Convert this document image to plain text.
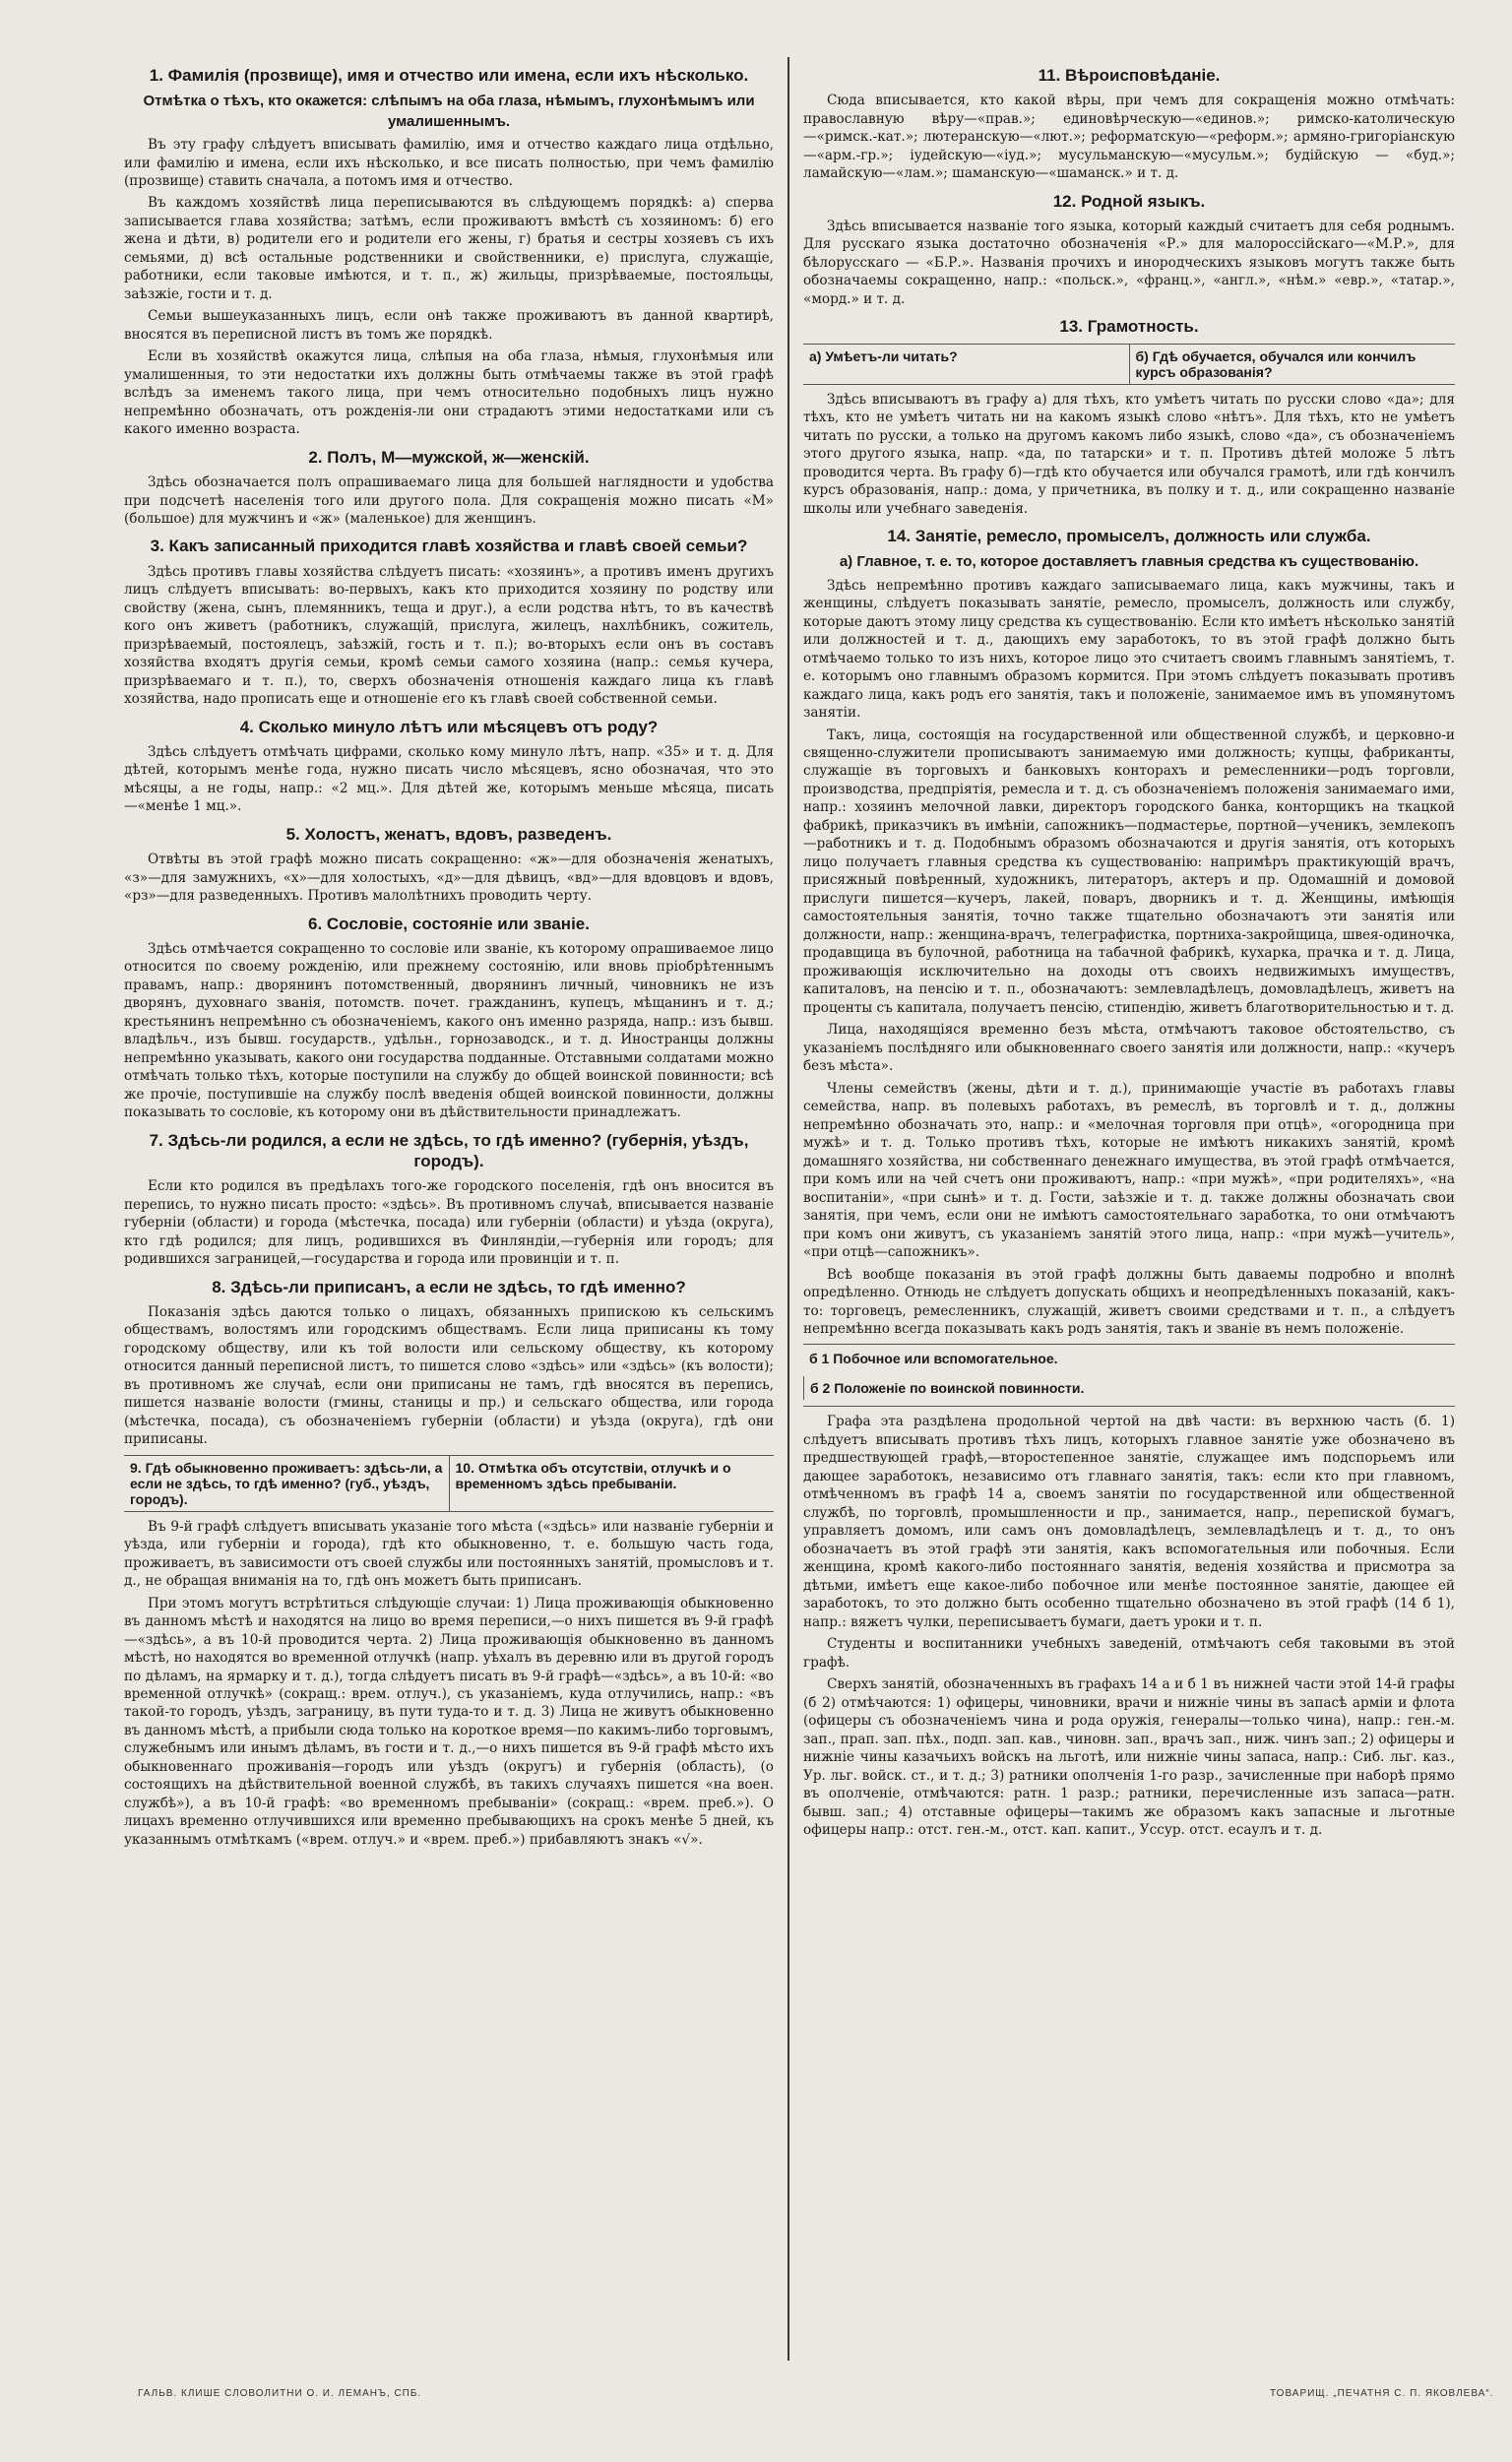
1. Фамилія (прозвище), имя и отчество или имена, если ихъ нѣсколько.

Отмѣтка о тѣхъ, кто окажется: слѣпымъ на оба глаза, нѣмымъ, глухонѣмымъ или умалишеннымъ.

Въ эту графу слѣдуетъ вписывать фамилію, имя и отчество каждаго лица отдѣльно, или фамилію и имена, если ихъ нѣсколько, и все писать полностью, при чемъ фамилію (прозвище) ставить сначала, а потомъ имя и отчество.

Въ каждомъ хозяйствѣ лица переписываются въ слѣдующемъ порядкѣ: а) сперва записывается глава хозяйства; затѣмъ, если проживаютъ вмѣстѣ съ хозяиномъ: б) его жена и дѣти, в) родители его и родители его жены, г) братья и сестры хозяевъ съ ихъ семьями, д) всѣ остальные родственники и свойственники, е) прислуга, служащіе, работники, если таковые имѣются, и т. п., ж) жильцы, призрѣваемые, постояльцы, заѣзжіе, гости и т. д.

Семьи вышеуказанныхъ лицъ, если онѣ также проживаютъ въ данной квартирѣ, вносятся въ переписной листъ въ томъ же порядкѣ.

Если въ хозяйствѣ окажутся лица, слѣпыя на оба глаза, нѣмыя, глухонѣмыя или умалишенныя, то эти недостатки ихъ должны быть отмѣчаемы также въ этой графѣ вслѣдъ за именемъ такого лица, при чемъ относительно подобныхъ лицъ нужно непремѣнно обозначать, отъ рожденія-ли они страдаютъ этими недостатками или съ какого именно возраста.

2. Полъ, М—мужской, ж—женскій.

Здѣсь обозначается полъ опрашиваемаго лица для большей наглядности и удобства при подсчетѣ населенія того или другого пола. Для сокращенія можно писать «М» (большое) для мужчинъ и «ж» (маленькое) для женщинъ.

3. Какъ записанный приходится главѣ хозяйства и главѣ своей семьи?

Здѣсь противъ главы хозяйства слѣдуетъ писать: «хозяинъ», а противъ именъ другихъ лицъ слѣдуетъ вписывать: во-первыхъ, какъ кто приходится хозяину по родству или свойству (жена, сынъ, племянникъ, теща и друг.), а если родства нѣтъ, то въ качествѣ кого онъ живетъ (работникъ, служащій, прислуга, жилецъ, нахлѣбникъ, сожитель, призрѣваемый, постоялецъ, заѣзжій, гость и т. п.); во-вторыхъ если онъ въ составъ хозяйства входятъ другія семьи, кромѣ семьи самого хозяина (напр.: семья кучера, призрѣваемаго и т. п.), то, сверхъ обозначенія отношенія каждаго лица къ главѣ хозяйства, надо прописать еще и отношеніе его къ главѣ своей собственной семьи.

4. Сколько минуло лѣтъ или мѣсяцевъ отъ роду?

Здѣсь слѣдуетъ отмѣчать цифрами, сколько кому минуло лѣтъ, напр. «35» и т. д. Для дѣтей, которымъ менѣе года, нужно писать число мѣсяцевъ, ясно обозначая, что это мѣсяцы, а не годы, напр.: «2 мц.». Для дѣтей же, которымъ меньше мѣсяца, писать—«менѣе 1 мц.».

5. Холостъ, женатъ, вдовъ, разведенъ.

Отвѣты въ этой графѣ можно писать сокращенно: «ж»—для обозначенія женатыхъ, «з»—для замужнихъ, «х»—для холостыхъ, «д»—для дѣвицъ, «вд»—для вдовцовъ и вдовъ, «рз»—для разведенныхъ. Противъ малолѣтнихъ проводить черту.

6. Сословіе, состояніе или званіе.

Здѣсь отмѣчается сокращенно то сословіе или званіе, къ которому опрашиваемое лицо относится по своему рожденію, или прежнему состоянію, или вновь пріобрѣтеннымъ правамъ, напр.: дворянинъ потомственный, дворянинъ личный, чиновникъ не изъ дворянъ, духовнаго званія, потомств. почет. гражданинъ, купецъ, мѣщанинъ и т. д.; крестьянинъ непремѣнно съ обозначеніемъ, какого онъ именно разряда, напр.: изъ бывш. владѣльч., изъ бывш. государств., удѣльн., горнозаводск., и т. д. Иностранцы должны непремѣнно указывать, какого они государства подданные. Отставными солдатами можно отмѣчать только тѣхъ, которые поступили на службу до общей воинской повинности; всѣ же прочіе, поступившіе на службу послѣ введенія общей воинской повинности, должны показывать то сословіе, къ которому они въ дѣйствительности принадлежатъ.

7. Здѣсь-ли родился, а если не здѣсь, то гдѣ именно? (губернія, уѣздъ, городъ).

Если кто родился въ предѣлахъ того-же городского поселенія, гдѣ онъ вносится въ перепись, то нужно писать просто: «здѣсь». Въ противномъ случаѣ, вписывается названіе губерніи (области) и города (мѣстечка, посада) или губерніи (области) и уѣзда (округа), кто гдѣ родился; для лицъ, родившихся въ Финляндіи,—губернія или городъ; для родившихся заграницей,—государства и города или провинціи и т. п.

8. Здѣсь-ли приписанъ, а если не здѣсь, то гдѣ именно?

Показанія здѣсь даются только о лицахъ, обязанныхъ припискою къ сельскимъ обществамъ, волостямъ или городскимъ обществамъ. Если лица приписаны къ тому городскому обществу, или къ той волости или сельскому обществу, къ которому относится данный переписной листъ, то пишется слово «здѣсь» или «здѣсь» (къ волости); въ противномъ же случаѣ, если они приписаны не тамъ, гдѣ вносятся въ перепись, пишется названіе волости (гмины, станицы и пр.) и сельскаго общества, или города (мѣстечка, посада), съ обозначеніемъ губерніи (области) и уѣзда (округа), гдѣ они приписаны.

9. Гдѣ обыкновенно проживаетъ: здѣсь-ли, а если не здѣсь, то гдѣ именно? (губ., уѣздъ, городъ).
10. Отмѣтка объ отсутствіи, отлучкѣ и о временномъ здѣсь пребываніи.

Въ 9-й графѣ слѣдуетъ вписывать указаніе того мѣста («здѣсь» или названіе губерніи и уѣзда, или губерніи и города), гдѣ кто обыкновенно, т. е. большую часть года, проживаетъ, въ зависимости отъ своей службы или постоянныхъ занятій, промысловъ и т. д., не обращая вниманія на то, гдѣ онъ можетъ быть приписанъ.

При этомъ могутъ встрѣтиться слѣдующіе случаи: 1) Лица проживающія обыкновенно въ данномъ мѣстѣ и находятся на лицо во время переписи,—о нихъ пишется въ 9-й графѣ—«здѣсь», а въ 10-й проводится черта. 2) Лица проживающія обыкновенно въ данномъ мѣстѣ, но находятся во временной отлучкѣ (напр. уѣхалъ въ деревню или въ другой городъ по дѣламъ, на ярмарку и т. д.), тогда слѣдуетъ писать въ 9-й графѣ—«здѣсь», а въ 10-й: «во временной отлучкѣ» (сокращ.: врем. отлуч.), съ указаніемъ, куда отлучились, напр.: «въ такой-то городъ, уѣздъ, заграницу, въ пути туда-то и т. д. 3) Лица не живутъ обыкновенно въ данномъ мѣстѣ, а прибыли сюда только на короткое время—по какимъ-либо торговымъ, служебнымъ или инымъ дѣламъ, въ гости и т. д.,—о нихъ пишется въ 9-й графѣ мѣсто ихъ обыкновеннаго проживанія—городъ или уѣздъ (округъ) и губернія (область), (о состоящихъ на дѣйствительной военной службѣ, въ такихъ случаяхъ пишется «на воен. службѣ»), а въ 10-й графѣ: «во временномъ пребываніи» (сокращ.: «врем. преб.»). О лицахъ временно отлучившихся или временно пребывающихъ на срокъ менѣе 5 дней, къ указаннымъ отмѣткамъ («врем. отлуч.» и «врем. преб.») прибавляютъ знакъ «√».

11. Вѣроисповѣданіе.

Сюда вписывается, кто какой вѣры, при чемъ для сокращенія можно отмѣчать: православную вѣру—«прав.»; единовѣрческую—«единов.»; римско-католическую—«римск.-кат.»; лютеранскую—«лют.»; реформатскую—«реформ.»; армяно-григоріанскую—«арм.-гр.»; іудейскую—«іуд.»; мусульманскую—«мусульм.»; будійскую — «буд.»; ламайскую—«лам.»; шаманскую—«шаманск.» и т. д.

12. Родной языкъ.

Здѣсь вписывается названіе того языка, который каждый считаетъ для себя роднымъ. Для русскаго языка достаточно обозначенія «Р.» для малороссійскаго—«М.Р.», для бѣлорусскаго — «Б.Р.». Названія прочихъ и инородческихъ языковъ могутъ также быть обозначаемы сокращенно, напр.: «польск.», «франц.», «англ.», «нѣм.» «евр.», «татар.», «морд.» и т. д.

13. Грамотность.
а) Умѣетъ-ли читать?	б) Гдѣ обучается, обучался или кончилъ курсъ образованія?

Здѣсь вписываютъ въ графу а) для тѣхъ, кто умѣетъ читать по русски слово «да»; для тѣхъ, кто не умѣетъ читать ни на какомъ языкѣ слово «нѣтъ». Для тѣхъ, кто не умѣетъ читать по русски, а только на другомъ какомъ либо языкѣ, слово «да», съ обозначеніемъ этого другого языка, напр. «да, по татарски» и т. п. Противъ дѣтей моложе 5 лѣтъ проводится черта. Въ графу б)—гдѣ кто обучается или обучался грамотѣ, или гдѣ кончилъ курсъ образованія, напр.: дома, у причетника, въ полку и т. д., или сокращенно названіе школы или учебнаго заведенія.

14. Занятіе, ремесло, промыселъ, должность или служба.

а) Главное, т. е. то, которое доставляетъ главныя средства къ существованію.

Здѣсь непремѣнно противъ каждаго записываемаго лица, какъ мужчины, такъ и женщины, слѣдуетъ показывать занятіе, ремесло, промыселъ, должность или службу, которые даютъ этому лицу средства къ существованію. Если кто имѣетъ нѣсколько занятій или должностей и т. д., дающихъ ему заработокъ, то въ этой графѣ должно быть отмѣчаемо только то изъ нихъ, которое лицо это считаетъ своимъ главнымъ занятіемъ, т. е. которымъ оно главнымъ образомъ кормится. При этомъ слѣдуетъ показывать противъ каждаго лица, какъ родъ его занятія, такъ и положеніе, занимаемое имъ въ упомянутомъ занятіи.

Такъ, лица, состоящія на государственной или общественной службѣ, и церковно-и священно-служители прописываютъ занимаемую ими должность; купцы, фабриканты, служащіе въ торговыхъ и банковыхъ конторахъ и ремесленники—родъ торговли, производства, предпріятія, ремесла и т. д. съ обозначеніемъ положенія занимаемаго ими, напр.: хозяинъ мелочной лавки, директоръ городского банка, конторщикъ на ткацкой фабрикѣ, приказчикъ въ имѣніи, сапожникъ—подмастерье, портной—ученикъ, землекопъ—работникъ и т. д. Подобнымъ образомъ обозначаются и другія занятія, отъ которыхъ лицо получаетъ главныя средства къ существованію: напримѣръ практикующій врачъ, присяжный повѣренный, художникъ, литераторъ, актеръ и пр. Одомашній и домовой прислуги пишется—кучеръ, лакей, поваръ, дворникъ и т. д. Женщины, имѣющія самостоятельныя занятія, точно также тщательно обозначаютъ эти занятія или должности, напр.: женщина-врачъ, телеграфистка, портниха-закройщица, швея-одиночка, продавщица въ булочной, работница на табачной фабрикѣ, кухарка, прачка и т. д. Лица, проживающія исключительно на доходы отъ своихъ недвижимыхъ имуществъ, капиталовъ, на пенсію и т. п., обозначаютъ: землевладѣлецъ, домовладѣлецъ, живетъ на проценты съ капитала, получаетъ пенсію, стипендію, живетъ благотворительностью и т. д.

Лица, находящіяся временно безъ мѣста, отмѣчаютъ таковое обстоятельство, съ указаніемъ послѣдняго или обыкновеннаго своего занятія или должности, напр.: «кучеръ безъ мѣста».

Члены семействъ (жены, дѣти и т. д.), принимающіе участіе въ работахъ главы семейства, напр. въ полевыхъ работахъ, въ ремеслѣ, въ торговлѣ и т. д., должны непремѣнно обозначать это, напр.: и «мелочная торговля при отцѣ», «огородница при мужѣ» и т. д. Только противъ тѣхъ, которые не имѣютъ никакихъ занятій, кромѣ домашняго хозяйства, ни собственнаго денежнаго имущества, въ этой графѣ отмѣчается, при комъ или на чей счетъ они проживаютъ, напр.: «при мужѣ», «при родителяхъ», «на воспитаніи», «при сынѣ» и т. д. Гости, заѣзжіе и т. д. также должны обозначать свои занятія, при чемъ, если они не имѣютъ самостоятельнаго заработка, то они отмѣчаютъ при комъ они живутъ, съ указаніемъ занятій этого лица, напр.: «при мужѣ—учитель», «при отцѣ—сапожникъ».

Всѣ вообще показанія въ этой графѣ должны быть даваемы подробно и вполнѣ опредѣленно. Отнюдь не слѣдуетъ допускать общихъ и неопредѣленныхъ показаній, какъ-то: торговецъ, ремесленникъ, служащій, живетъ своими средствами и т. п., а слѣдуетъ непремѣнно всегда показывать какъ родъ занятія, такъ и званіе въ немъ положеніе.

б 1 Побочное или вспомогательное.
б 2 Положеніе по воинской повинности.

Графа эта раздѣлена продольной чертой на двѣ части: въ верхнюю часть (б. 1) слѣдуетъ вписывать противъ тѣхъ лицъ, которыхъ главное занятіе уже обозначено въ предшествующей графѣ,—второстепенное занятіе, служащее имъ подспорьемъ или дающее заработокъ, независимо отъ главнаго занятія, такъ: если кто при главномъ, отмѣченномъ въ графѣ 14 а, своемъ занятіи по государственной или общественной службѣ, по торговлѣ, промышленности и пр., занимается, напр., перепиской бумагъ, управляетъ домомъ, или самъ онъ домовладѣлецъ, землевладѣлецъ и т. д., то онъ обозначаетъ въ этой графѣ эти занятія, какъ вспомогательныя или побочныя. Если женщина, кромѣ какого-либо постояннаго занятія, веденія хозяйства и присмотра за дѣтьми, имѣетъ еще какое-либо побочное или менѣе постоянное занятіе, дающее ей заработокъ, то это должно быть особенно тщательно обозначено въ этой графѣ (14 б 1), напр.: вяжетъ чулки, переписываетъ бумаги, даетъ уроки и т. п.

Студенты и воспитанники учебныхъ заведеній, отмѣчаютъ себя таковыми въ этой графѣ.

Сверхъ занятій, обозначенныхъ въ графахъ 14 а и б 1 въ нижней части этой 14-й графы (б 2) отмѣчаются: 1) офицеры, чиновники, врачи и нижніе чины въ запасѣ арміи и флота (офицеры съ обозначеніемъ чина и рода оружія, генералы—только чина), напр.: ген.-м. зап., прап. зап. пѣх., подп. зап. кав., чиновн. зап., врачъ зап., ниж. чинъ зап.; 2) офицеры и нижніе чины казачьихъ войскъ на льготѣ, или нижніе чины запаса, напр.: Сиб. льг. каз., Ур. льг. войск. ст., и т. д.; 3) ратники ополченія 1-го разр., зачисленные при наборѣ прямо въ ополченіе, отмѣчаются: ратн. 1 разр.; ратники, перечисленные изъ запаса—ратн. бывш. зап.; 4) отставные офицеры—такимъ же образомъ какъ запасные и льготные офицеры напр.: отст. ген.-м., отст. кап. капит., Уссур. отст. есаулъ и т. д.

ГАЛЬВ. КЛИШЕ СЛОВОЛИТНИ О. И. ЛЕМАНЪ, СПБ.	ТОВАРИЩ. „ПЕЧАТНЯ С. П. ЯКОВЛЕВА“.
